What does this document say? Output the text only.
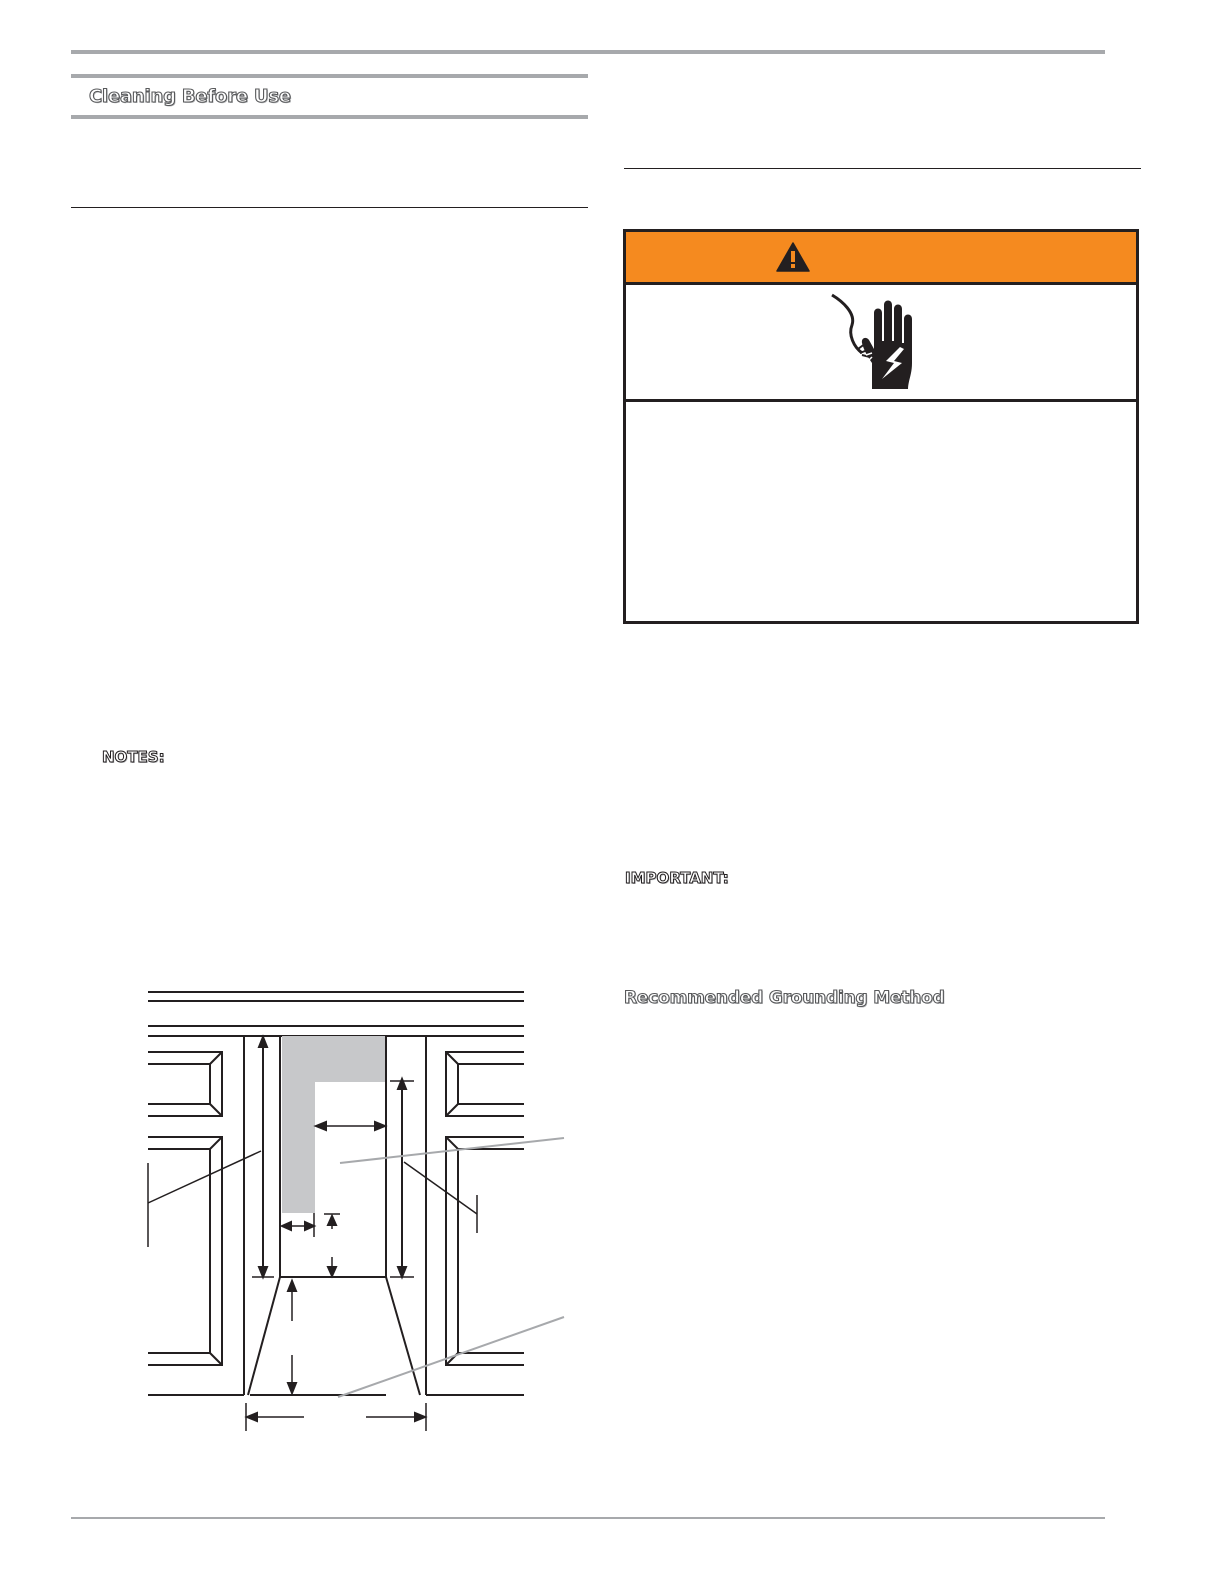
Cleaning Before Use
NOTES:
IMPORTANT:
Recommended Grounding Method
